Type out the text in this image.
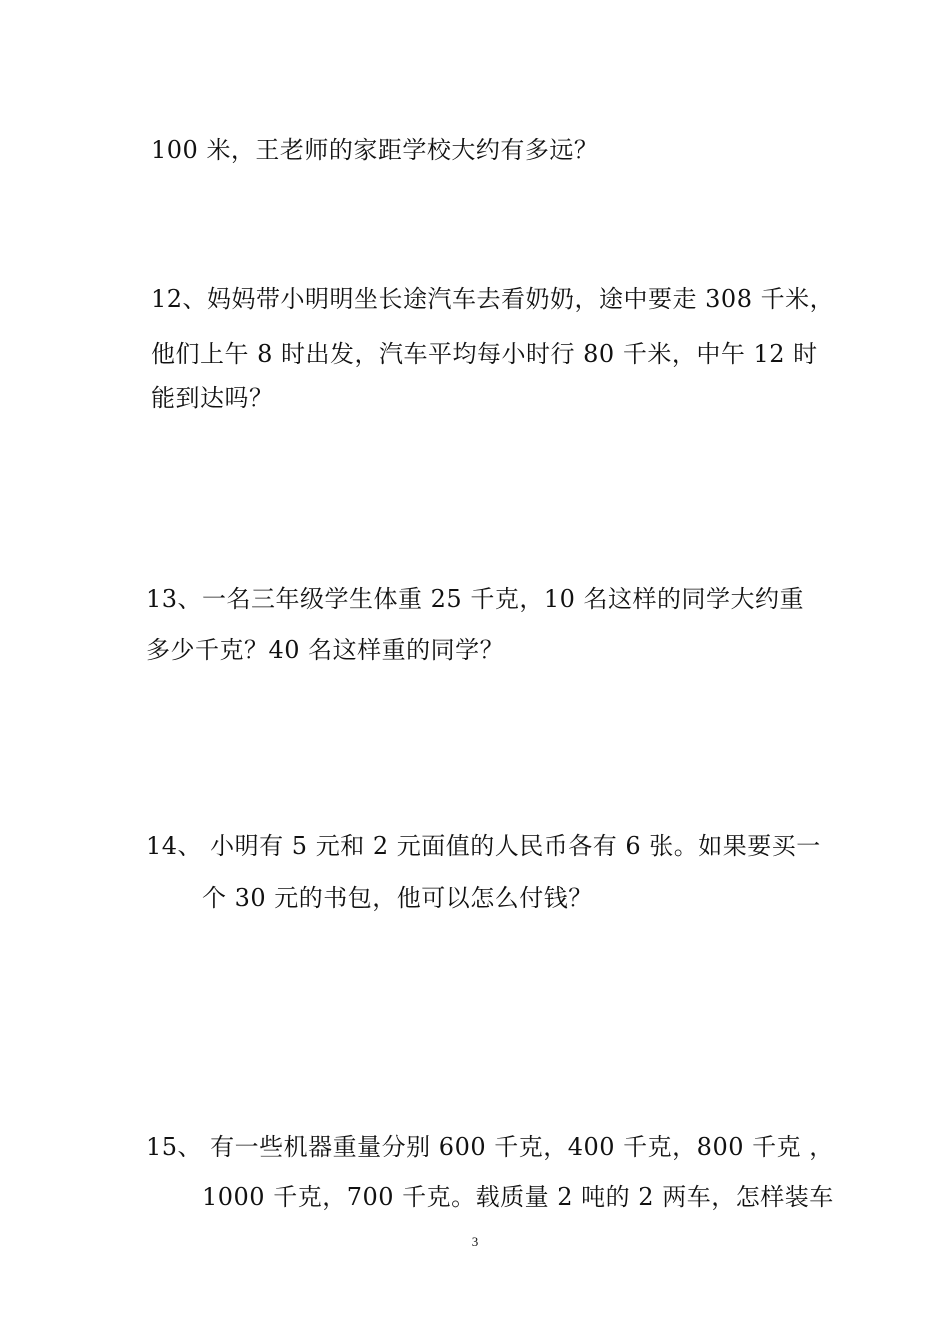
100 米，王老师的家距学校大约有多远？
12、妈妈带小明明坐长途汽车去看奶奶，途中要走 308 千米，
他们上午 8 时出发，汽车平均每小时行 80 千米，中午 12 时
能到达吗？
13、一名三年级学生体重 25 千克，10 名这样的同学大约重
多少千克？40 名这样重的同学？
14、 小明有 5 元和 2 元面值的人民币各有 6 张。如果要买一
个 30 元的书包，他可以怎么付钱？
15、 有一些机器重量分别 600 千克，400 千克，800 千克 ，
1000 千克，700 千克。载质量 2 吨的 2 两车，怎样装车
3
